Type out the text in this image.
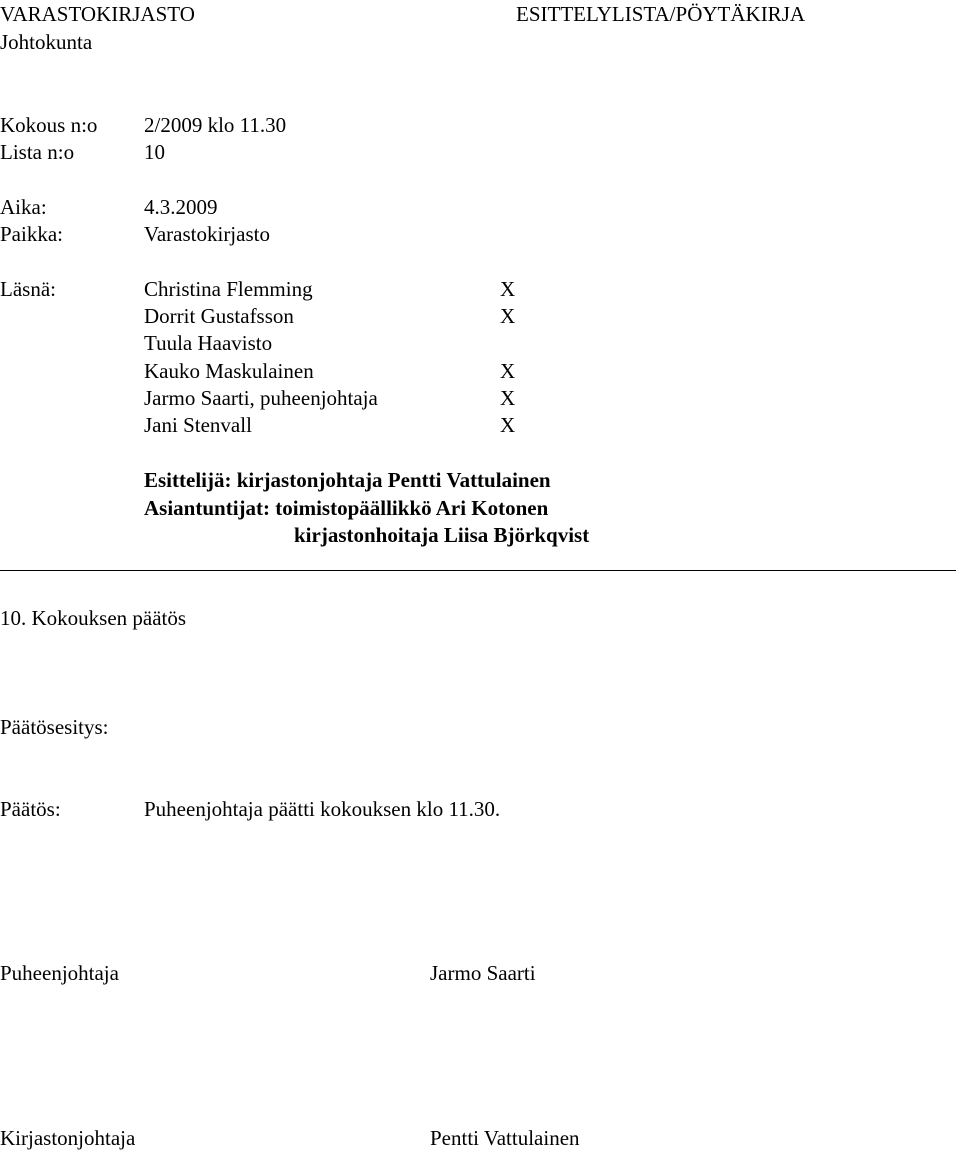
VARASTOKIRJASTO	ESITTELYLISTA/PÖYTÄKIRJA
Johtokunta
Kokous n:o 2/2009 klo 11.30
Lista n:o	10
Aika:	4.3.2009
Paikka:	Varastokirjasto
Läsnä:	Christina Flemming	X
Dorrit Gustafsson	X
Tuula Haavisto
Kauko Maskulainen	X
Jarmo Saarti, puheenjohtaja	X
Jani Stenvall	X
Esittelijä: kirjastonjohtaja Pentti Vattulainen
Asiantuntijat: toimistopäällikkö Ari Kotonen
kirjastonhoitaja Liisa Björkqvist
10. Kokouksen päätös
Päätösesitys:
Päätös:	Puheenjohtaja päätti kokouksen klo 11.30.
Puheenjohtaja	Jarmo Saarti
Kirjastonjohtaja	Pentti Vattulainen
